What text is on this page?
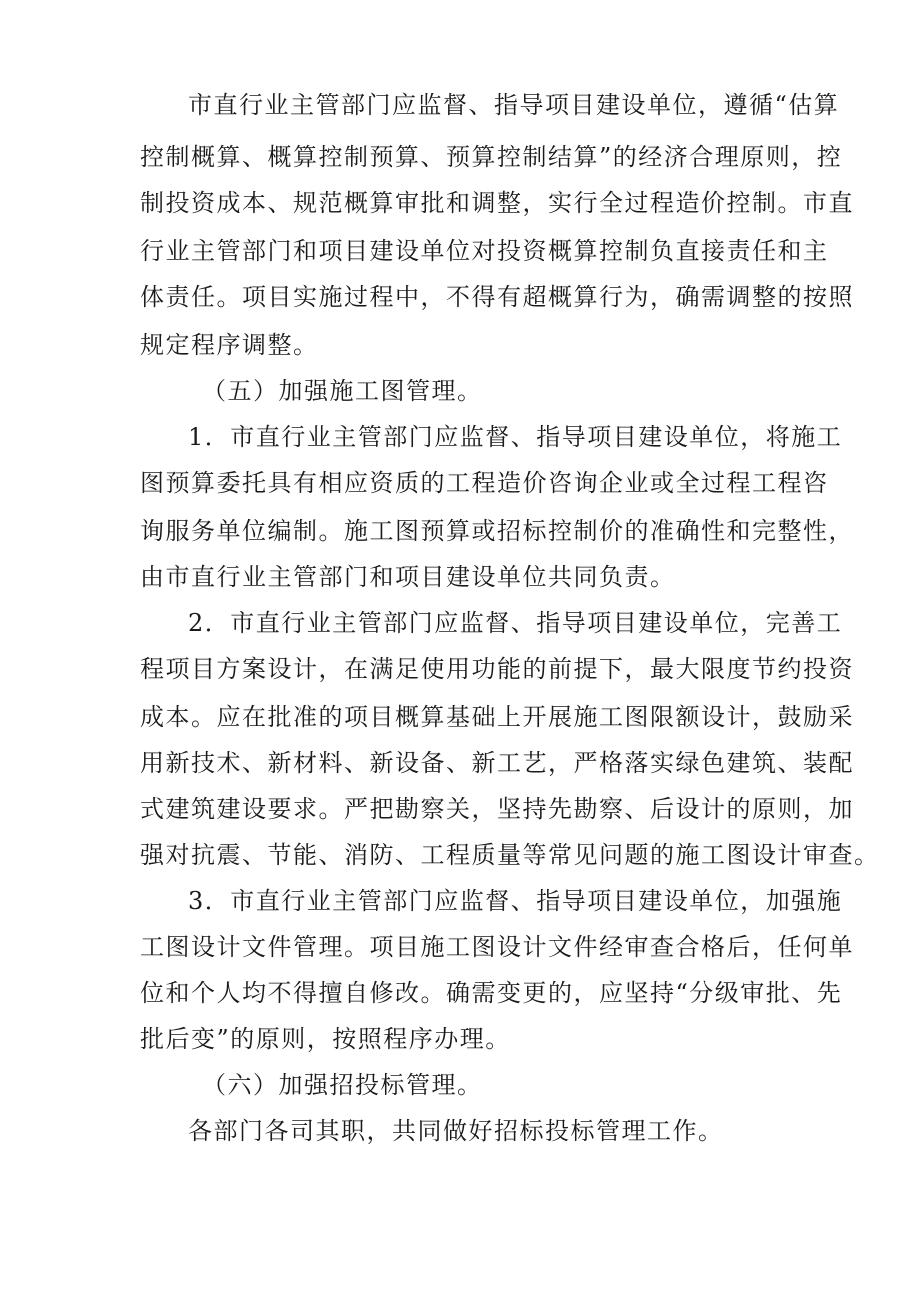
市直行业主管部门应监督、指导项目建设单位，遵循“估算
控制概算、概算控制预算、预算控制结算”的经济合理原则，控
制投资成本、规范概算审批和调整，实行全过程造价控制。市直
行业主管部门和项目建设单位对投资概算控制负直接责任和主
体责任。项目实施过程中，不得有超概算行为，确需调整的按照
规定程序调整。
（五）加强施工图管理。
1．市直行业主管部门应监督、指导项目建设单位，将施工
图预算委托具有相应资质的工程造价咨询企业或全过程工程咨
询服务单位编制。施工图预算或招标控制价的准确性和完整性，
由市直行业主管部门和项目建设单位共同负责。
2．市直行业主管部门应监督、指导项目建设单位，完善工
程项目方案设计，在满足使用功能的前提下，最大限度节约投资
成本。应在批准的项目概算基础上开展施工图限额设计，鼓励采
用新技术、新材料、新设备、新工艺，严格落实绿色建筑、装配
式建筑建设要求。严把勘察关，坚持先勘察、后设计的原则，加
强对抗震、节能、消防、工程质量等常见问题的施工图设计审查。
3．市直行业主管部门应监督、指导项目建设单位，加强施
工图设计文件管理。项目施工图设计文件经审查合格后，任何单
位和个人均不得擅自修改。确需变更的，应坚持“分级审批、先
批后变”的原则，按照程序办理。
（六）加强招投标管理。
各部门各司其职，共同做好招标投标管理工作。
